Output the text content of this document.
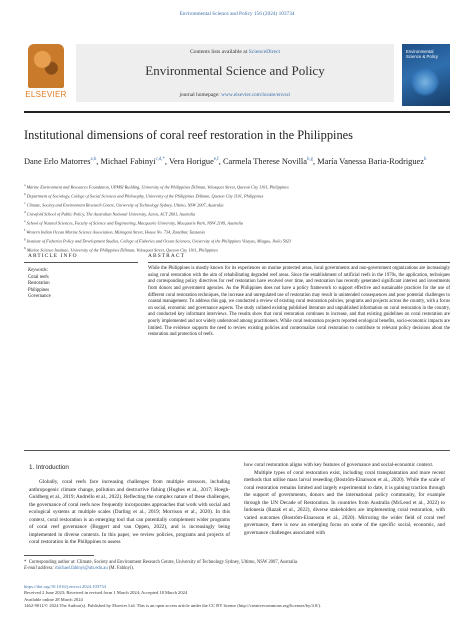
Environmental Science and Policy 156 (2024) 103734
ELSEVIER
Contents lists available at ScienceDirect
Environmental Science and Policy
journal homepage: www.elsevier.com/locate/envsci
Environmental Science & Policy
Institutional dimensions of coral reef restoration in the Philippines
Dane Erlo Matorres$^{a,b}$, Michael Fabinyi$^{c,d,*}$, Vera Horigue$^{e,f}$, Carmela Therese Novilla$^{b,g}$, María Vanessa Baria-Rodriguez$^h$
$^a$ Marine Environment and Resources Foundation, UPMSI Building, University of the Philippines Diliman, Velasquez Street, Quezon City 1101, Philippines
$^b$ Department of Sociology, College of Social Sciences and Philosophy, University of the Philippines Diliman, Quezon City 1101, Philippines
$^c$ Climate, Society and Environment Research Centre, University of Technology Sydney, Ultimo, NSW 2007, Australia
$^d$ Crawford School of Public Policy, The Australian National University, Acton, ACT 2601, Australia
$^e$ School of Natural Sciences, Faculty of Science and Engineering, Macquarie University, Macquarie Park, NSW 2109, Australia
$^f$ Western Indian Ocean Marine Science Association, Mizingani Street, House No. 734, Zanzibar, Tanzania
$^g$ Institute of Fisheries Policy and Development Studies, College of Fisheries and Ocean Sciences, University of the Philippines Visayas, Miagao, Iloilo 5023
$^h$ Marine Science Institute, University of the Philippines Diliman, Velasquez Street, Quezon City 1101, Philippines
ARTICLE INFO	ABSTRACT
Keywords:
Coral reefs
Restoration
Philippines
Governance
While the Philippines is mostly known for its experiences on marine protected areas, local governments and non-government organizations are increasingly using coral restoration with the aim of rehabilitating degraded reef areas. Since the establishment of artificial reefs in the 1970s, the application, techniques and corresponding policy directives for reef restoration have evolved over time, and restoration has recently generated significant interest and investments from donors and government agencies. As the Philippines does not have a policy framework to support effective and sustainable practices for the use of different coral restoration techniques, the increase and unregulated use of restoration may result in unintended consequences and pose potential challenges to coastal management. To address this gap, we conducted a review of existing coral restoration policies, programs and projects across the country, with a focus on social, economic and governance aspects. The study collated existing published literature and unpublished information on coral restoration in the country, and conducted key informant interviews. The results show that coral restoration continues to increase, and that existing guidelines on coral restoration are poorly implemented and not widely understood among practitioners. While coral restoration projects reported ecological benefits, socio-economic impacts are limited. The evidence supports the need to review existing policies and contextualize coral restoration to contribute to relevant policy decisions about the restoration and protection of reefs.
1. Introduction
Globally, coral reefs face increasing challenges from multiple stressors, including anthropogenic climate change, pollution and destructive fishing (Hughes et al., 2017; Hoegh-Guldberg et al., 2019; Andrello et al., 2022). Reflecting the complex nature of these challenges, the governance of coral reefs now frequently incorporates approaches that work with social and ecological systems at multiple scales (Darling et al., 2019; Morrison et al., 2020). In this context, coral restoration is an emerging tool that can potentially complement wider programs of coral reef governance (Boggert and van Oppen, 2022), and is increasingly being implemented in diverse contexts. In this paper, we review policies, programs and projects of coral restoration in the Philippines to assess

how coral restoration aligns with key features of governance and social-economic context.

Multiple types of coral restoration exist, including coral transplantation and more recent methods that utilise mass larval reseeding (Boström-Einarsson et al., 2020). While the scale of coral restoration remains limited and largely experimental to date, it is gaining traction through the support of governments, donors and the international policy community, for example through the UN Decade of Restoration. In countries from Australia (McLeod et al., 2022) to Indonesia (Razak et al., 2022), diverse stakeholders are implementing coral restoration, with varied outcomes (Boström-Einarsson et al., 2020). Mirroring the wider field of coral reef governance, there is now an emerging focus on some of the specific social, economic, and governance challenges associated with

* Corresponding author at: Climate, Society and Environment Research Centre, University of Technology Sydney, Ultimo, NSW 2007, Australia.
E-mail address: michael.fabinyi@uts.edu.au (M. Fabinyi).
https://doi.org/10.1016/j.envsci.2024.103734
Received 2 June 2023; Received in revised form 1 March 2024; Accepted 18 March 2024
Available online 28 March 2024
1462-9011/© 2024 The Author(s). Published by Elsevier Ltd. This is an open access article under the CC BY license (http://creativecommons.org/licenses/by/4.0/).
